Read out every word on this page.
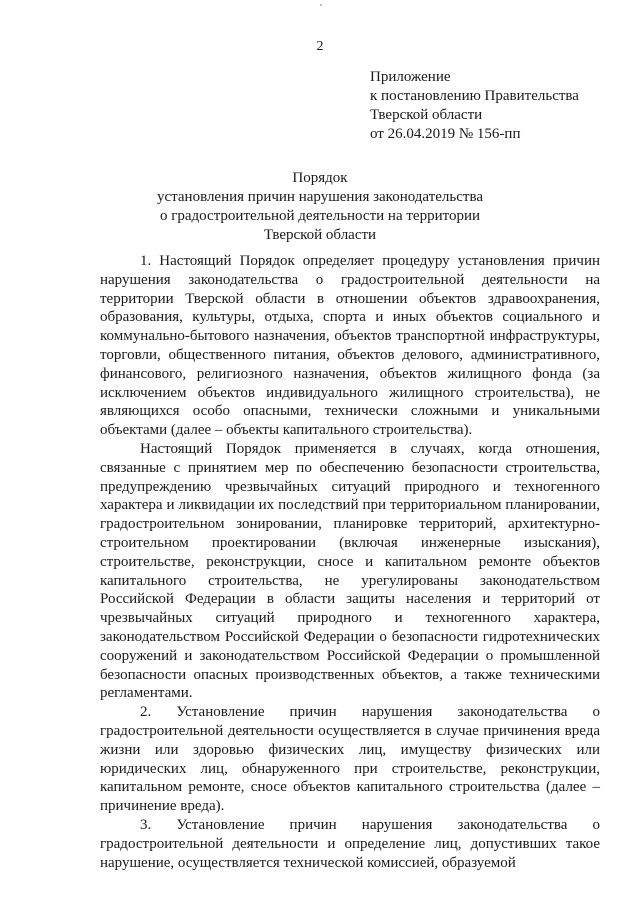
2
Приложение
к постановлению Правительства
Тверской области
от 26.04.2019 № 156-пп
Порядок
установления причин нарушения законодательства
о градостроительной деятельности на территории
Тверской области

1. Настоящий Порядок определяет процедуру установления причин нарушения законодательства о градостроительной деятельности на территории Тверской области в отношении объектов здравоохранения, образования, культуры, отдыха, спорта и иных объектов социального и коммунально-бытового назначения, объектов транспортной инфраструктуры, торговли, общественного питания, объектов делового, административного, финансового, религиозного назначения, объектов жилищного фонда (за исключением объектов индивидуального жилищного строительства), не являющихся особо опасными, технически сложными и уникальными объектами (далее – объекты капитального строительства).

Настоящий Порядок применяется в случаях, когда отношения, связанные с принятием мер по обеспечению безопасности строительства, предупреждению чрезвычайных ситуаций природного и техногенного характера и ликвидации их последствий при территориальном планировании, градостроительном зонировании, планировке территорий, архитектурно-строительном проектировании (включая инженерные изыскания), строительстве, реконструкции, сносе и капитальном ремонте объектов капитального строительства, не урегулированы законодательством Российской Федерации в области защиты населения и территорий от чрезвычайных ситуаций природного и техногенного характера, законодательством Российской Федерации о безопасности гидротехнических сооружений и законодательством Российской Федерации о промышленной безопасности опасных производственных объектов, а также техническими регламентами.

2. Установление причин нарушения законодательства о градостроительной деятельности осуществляется в случае причинения вреда жизни или здоровью физических лиц, имуществу физических или юридических лиц, обнаруженного при строительстве, реконструкции, капитальном ремонте, сносе объектов капитального строительства (далее – причинение вреда).

3. Установление причин нарушения законодательства о градостроительной деятельности и определение лиц, допустивших такое нарушение, осуществляется технической комиссией, образуемой
